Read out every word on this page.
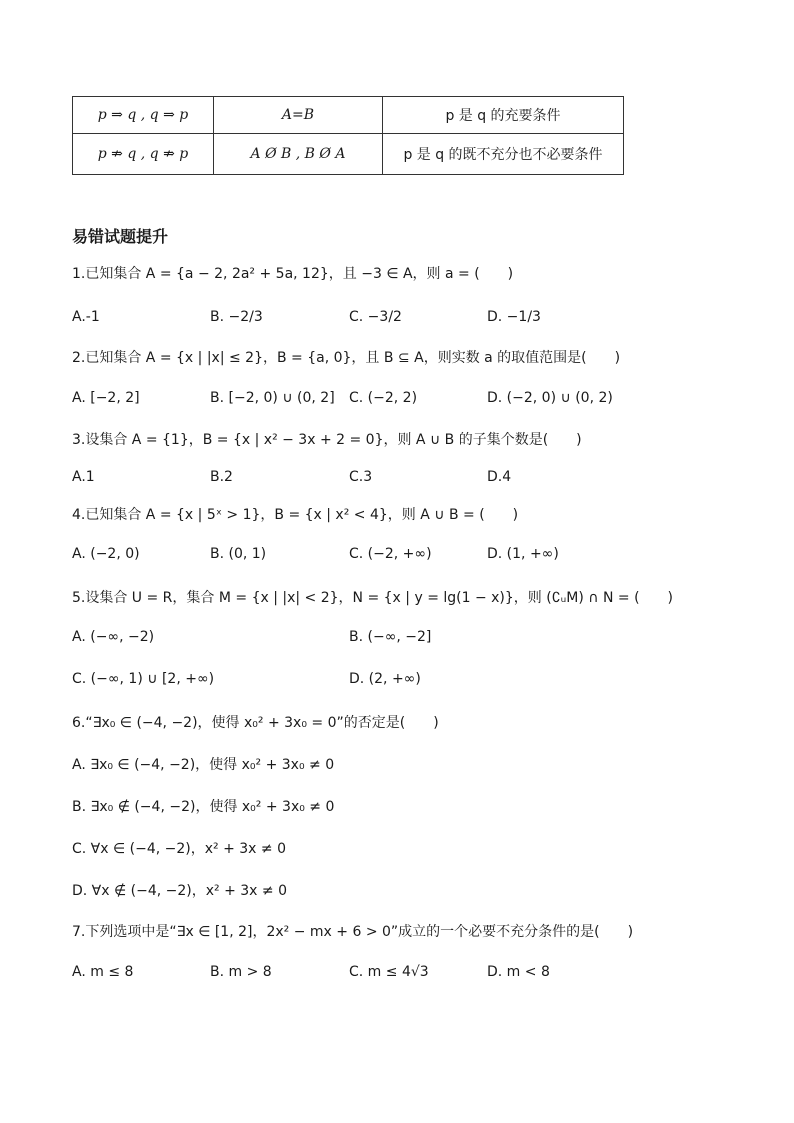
p ⇒ q , q ⇒ p	A=B	p 是 q 的充要条件
p ⇏ q , q ⇏ p	A Ø B , B Ø A	p 是 q 的既不充分也不必要条件
易错试题提升
1.已知集合 A = {a − 2, 2a² + 5a, 12}，且 −3 ∈ A，则 a = (　　)
A.-1	B. −2/3	C. −3/2	D. −1/3
2.已知集合 A = {x | |x| ≤ 2}，B = {a, 0}，且 B ⊆ A，则实数 a 的取值范围是(　　)
A. [−2, 2]	B. [−2, 0) ∪ (0, 2] C. (−2, 2)	D. (−2, 0) ∪ (0, 2)
3.设集合 A = {1}，B = {x | x² − 3x + 2 = 0}，则 A ∪ B 的子集个数是(　　)
A.1	B.2	C.3	D.4
4.已知集合 A = {x | 5ˣ > 1}，B = {x | x² < 4}，则 A ∪ B = (　　)
A. (−2, 0)	B. (0, 1)	C. (−2, +∞)	D. (1, +∞)
5.设集合 U = R，集合 M = {x | |x| < 2}，N = {x | y = lg(1 − x)}，则 (∁ᵤM) ∩ N = (　　)
A. (−∞, −2)	B. (−∞, −2]
C. (−∞, 1) ∪ [2, +∞)	D. (2, +∞)
6.“∃x₀ ∈ (−4, −2)，使得 x₀² + 3x₀ = 0”的否定是(　　)
A. ∃x₀ ∈ (−4, −2)，使得 x₀² + 3x₀ ≠ 0
B. ∃x₀ ∉ (−4, −2)，使得 x₀² + 3x₀ ≠ 0
C. ∀x ∈ (−4, −2)，x² + 3x ≠ 0
D. ∀x ∉ (−4, −2)，x² + 3x ≠ 0
7.下列选项中是“∃x ∈ [1, 2]，2x² − mx + 6 > 0”成立的一个必要不充分条件的是(　　)
A. m ≤ 8	B. m > 8	C. m ≤ 4√3	D. m < 8
